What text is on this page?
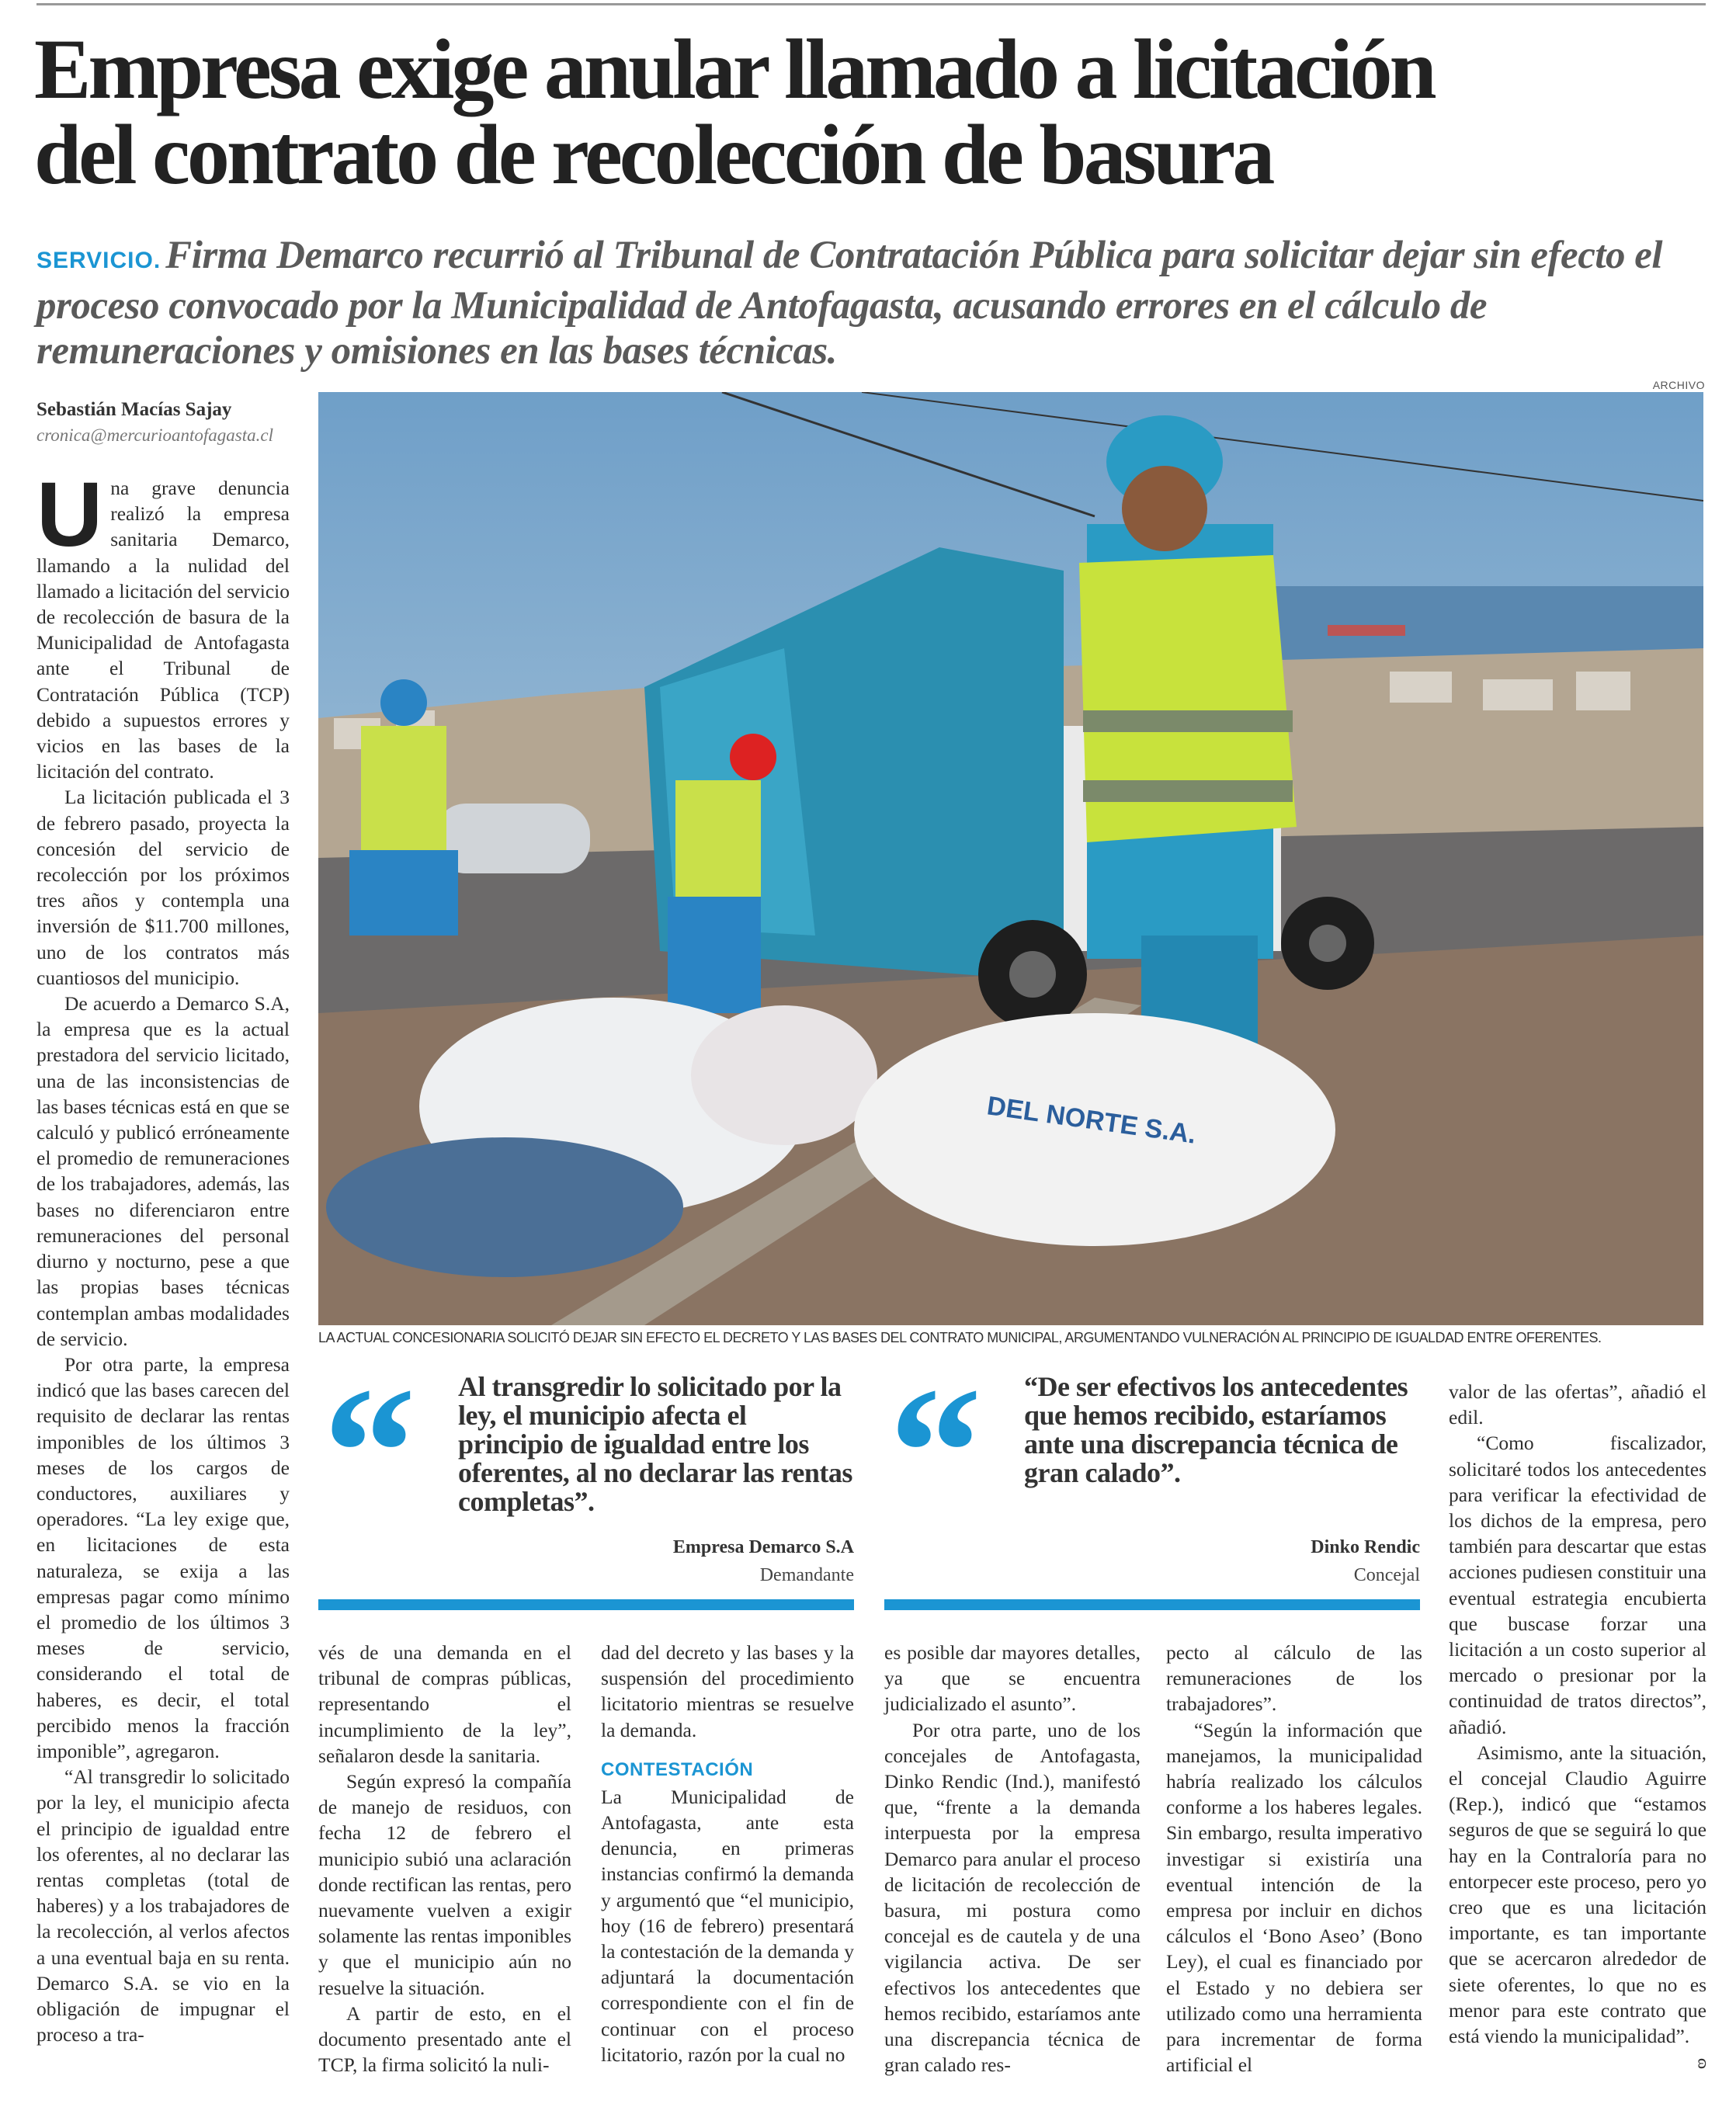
Empresa exige anular llamado a licitación
del contrato de recolección de basura

SERVICIO. Firma Demarco recurrió al Tribunal de Contratación Pública para solicitar dejar sin efecto el proceso convocado por la Municipalidad de Antofagasta, acusando errores en el cálculo de remuneraciones y omisiones en las bases técnicas.

Sebastián Macías Sajay
cronica@mercurioantofagasta.cl
ARCHIVO
DEL NORTE S.A.
LA ACTUAL CONCESIONARIA SOLICITÓ DEJAR SIN EFECTO EL DECRETO Y LAS BASES DEL CONTRATO MUNICIPAL, ARGUMENTANDO VULNERACIÓN AL PRINCIPIO DE IGUALDAD ENTRE OFERENTES.
“ Al transgredir lo solicitado por la ley, el municipio afecta el principio de igualdad entre los oferentes, al no declarar las rentas completas”.
Empresa Demarco S.A
Demandante
“ “De ser efectivos los antecedentes que hemos recibido, estaríamos ante una discrepancia técnica de gran calado”.
Dinko Rendic
Concejal

Una grave denuncia realizó la empresa sanitaria Demarco, llamando a la nulidad del llamado a licitación del servicio de recolección de basura de la Municipalidad de Antofagasta ante el Tribunal de Contratación Pública (TCP) debido a supuestos errores y vicios en las bases de la licitación del contrato.

La licitación publicada el 3 de febrero pasado, proyecta la concesión del servicio de recolección por los próximos tres años y contempla una inversión de $11.700 millones, uno de los contratos más cuantiosos del municipio.

De acuerdo a Demarco S.A, la empresa que es la actual prestadora del servicio licitado, una de las inconsistencias de las bases técnicas está en que se calculó y publicó erróneamente el promedio de remuneraciones de los trabajadores, además, las bases no diferenciaron entre remuneraciones del personal diurno y nocturno, pese a que las propias bases técnicas contemplan ambas modalidades de servicio.

Por otra parte, la empresa indicó que las bases carecen del requisito de declarar las rentas imponibles de los últimos 3 meses de los cargos de conductores, auxiliares y operadores. “La ley exige que, en licitaciones de esta naturaleza, se exija a las empresas pagar como mínimo el promedio de los últimos 3 meses de servicio, considerando el total de haberes, es decir, el total percibido menos la fracción imponible”, agregaron.

“Al transgredir lo solicitado por la ley, el municipio afecta el principio de igualdad entre los oferentes, al no declarar las rentas completas (total de haberes) y a los trabajadores de la recolección, al verlos afectos a una eventual baja en su renta. Demarco S.A. se vio en la obligación de impugnar el proceso a tra-

vés de una demanda en el tribunal de compras públicas, representando el incumplimiento de la ley”, señalaron desde la sanitaria.

Según expresó la compañía de manejo de residuos, con fecha 12 de febrero el municipio subió una aclaración donde rectifican las rentas, pero nuevamente vuelven a exigir solamente las rentas imponibles y que el municipio aún no resuelve la situación.

A partir de esto, en el documento presentado ante el TCP, la firma solicitó la nuli-

dad del decreto y las bases y la suspensión del procedimiento licitatorio mientras se resuelve la demanda.

CONTESTACIÓN

La Municipalidad de Antofagasta, ante esta denuncia, en primeras instancias confirmó la demanda y argumentó que “el municipio, hoy (16 de febrero) presentará la contestación de la demanda y adjuntará la documentación correspondiente con el fin de continuar con el proceso licitatorio, razón por la cual no

es posible dar mayores detalles, ya que se encuentra judicializado el asunto”.

Por otra parte, uno de los concejales de Antofagasta, Dinko Rendic (Ind.), manifestó que, “frente a la demanda interpuesta por la empresa Demarco para anular el proceso de licitación de recolección de basura, mi postura como concejal es de cautela y de una vigilancia activa. De ser efectivos los antecedentes que hemos recibido, estaríamos ante una discrepancia técnica de gran calado res-

pecto al cálculo de las remuneraciones de los trabajadores”.

“Según la información que manejamos, la municipalidad habría realizado los cálculos conforme a los haberes legales. Sin embargo, resulta imperativo investigar si existiría una eventual intención de la empresa por incluir en dichos cálculos el ‘Bono Aseo’ (Bono Ley), el cual es financiado por el Estado y no debiera ser utilizado como una herramienta para incrementar de forma artificial el

valor de las ofertas”, añadió el edil.

“Como fiscalizador, solicitaré todos los antecedentes para verificar la efectividad de los dichos de la empresa, pero también para descartar que estas acciones pudiesen constituir una eventual estrategia encubierta que buscase forzar una licitación a un costo superior al mercado o presionar por la continuidad de tratos directos”, añadió.

Asimismo, ante la situación, el concejal Claudio Aguirre (Rep.), indicó que “estamos seguros de que se seguirá lo que hay en la Contraloría para no entorpecer este proceso, pero yo creo que es una licitación importante, es tan importante que se acercaron alrededor de siete oferentes, lo que no es menor para este contrato que está viendo la municipalidad”.
ʚ
